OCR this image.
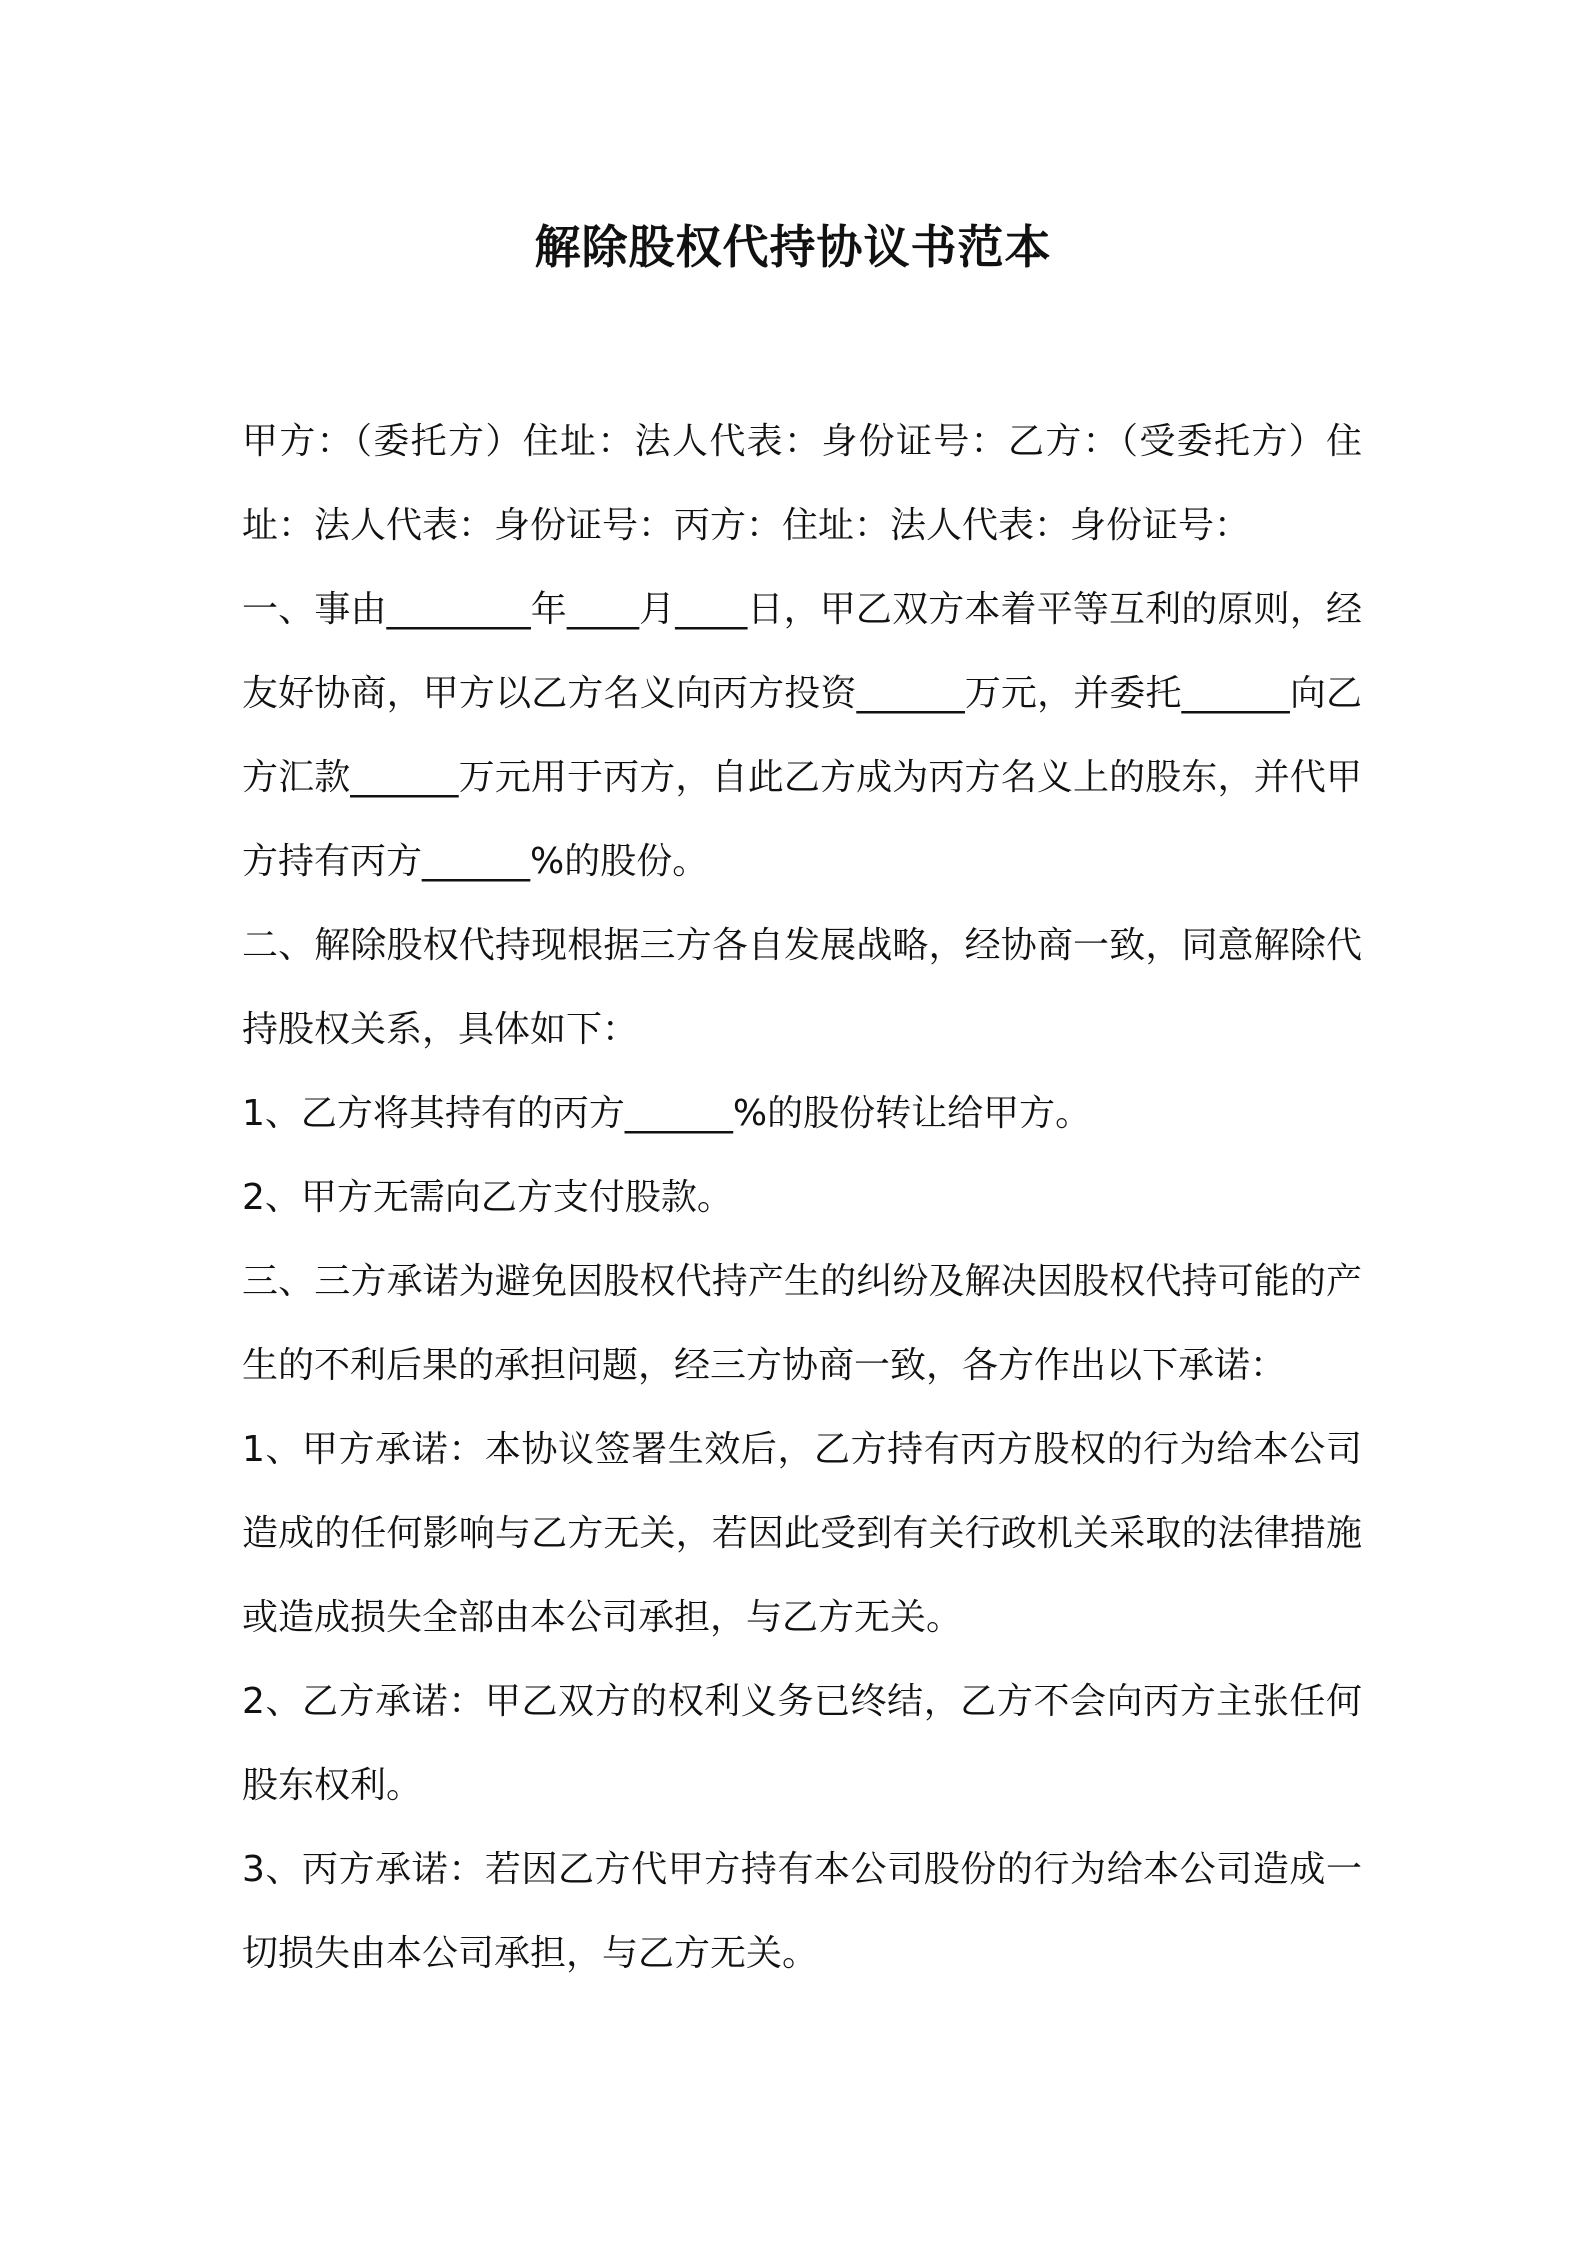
解除股权代持协议书范本

甲方：（委托方）住址：法人代表：身份证号：乙方：（受委托方）住址：法人代表：身份证号：丙方：住址：法人代表：身份证号：

一、事由________年____月____日，甲乙双方本着平等互利的原则，经友好协商，甲方以乙方名义向丙方投资______万元，并委托______向乙方汇款______万元用于丙方，自此乙方成为丙方名义上的股东，并代甲方持有丙方______%的股份。

二、解除股权代持现根据三方各自发展战略，经协商一致，同意解除代持股权关系，具体如下：

1、乙方将其持有的丙方______%的股份转让给甲方。

2、甲方无需向乙方支付股款。

三、三方承诺为避免因股权代持产生的纠纷及解决因股权代持可能的产生的不利后果的承担问题，经三方协商一致，各方作出以下承诺：

1、甲方承诺：本协议签署生效后，乙方持有丙方股权的行为给本公司造成的任何影响与乙方无关，若因此受到有关行政机关采取的法律措施或造成损失全部由本公司承担，与乙方无关。

2、乙方承诺：甲乙双方的权利义务已终结，乙方不会向丙方主张任何股东权利。

3、丙方承诺：若因乙方代甲方持有本公司股份的行为给本公司造成一切损失由本公司承担，与乙方无关。
